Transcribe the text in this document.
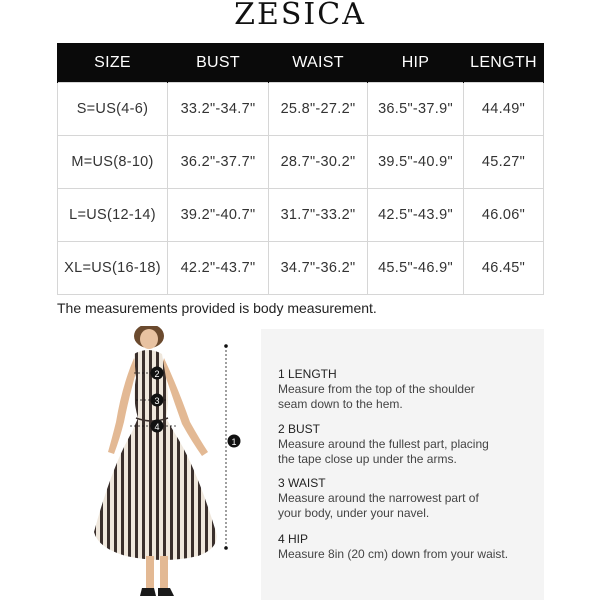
ZESICA
SIZE	BUST	WAIST	HIP	LENGTH
S=US(4-6)	33.2"-34.7"	25.8"-27.2"	36.5"-37.9"	44.49"
M=US(8-10)	36.2"-37.7"	28.7"-30.2"	39.5"-40.9"	45.27"
L=US(12-14)	39.2"-40.7"	31.7"-33.2"	42.5"-43.9"	46.06"
XL=US(16-18)	42.2"-43.7"	34.7"-36.2"	45.5"-46.9"	46.45"
The measurements provided is body measurement.
2
3
4
1
1 LENGTH
Measure from the top of the shoulder
seam down to the hem.
2 BUST
Measure around the fullest part, placing
the tape close up under the arms.
3 WAIST
Measure around the narrowest part of
your body, under your navel.
4 HIP
Measure 8in (20 cm) down from your waist.
